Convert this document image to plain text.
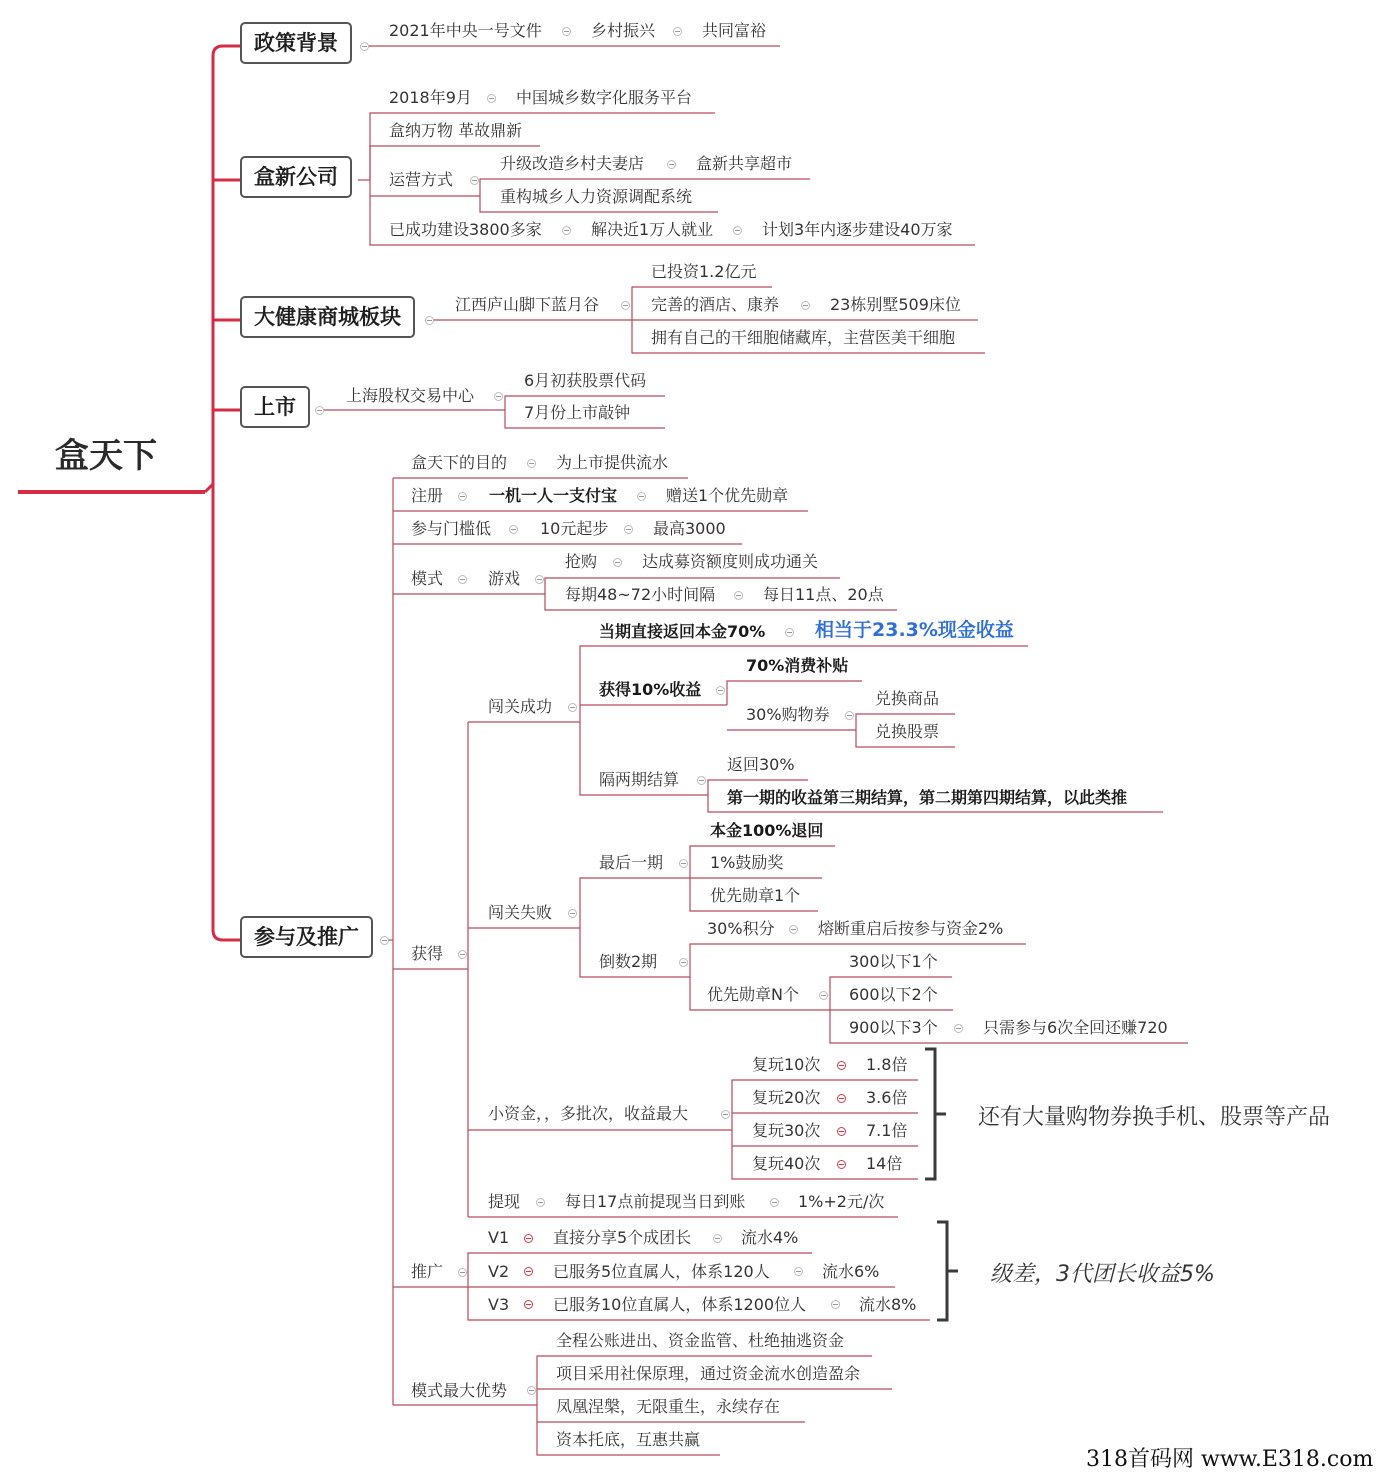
盒天下
政策背景
盒新公司
大健康商城板块
上市
参与及推广
2021年中央一号文件	乡村振兴	共同富裕
2018年9月	中国城乡数字化服务平台
盒纳万物 革故鼎新
运营方式
升级改造乡村夫妻店	盒新共享超市
重构城乡人力资源调配系统
已成功建设3800多家	解决近1万人就业	计划3年内逐步建设40万家
江西庐山脚下蓝月谷
已投资1.2亿元
完善的酒店、康养	23栋别墅509床位
拥有自己的干细胞储藏库，主营医美干细胞
上海股权交易中心
6月初获股票代码
7月份上市敲钟
盒天下的目的	为上市提供流水
注册	一机一人一支付宝	赠送1个优先勋章
参与门槛低	10元起步	最高3000
模式	游戏
抢购	达成募资额度则成功通关
每期48~72小时间隔	每日11点、20点
获得
闯关成功
当期直接返回本金70%	相当于23.3%现金收益
获得10%收益
70%消费补贴
30%购物券
兑换商品
兑换股票
隔两期结算
返回30%
第一期的收益第三期结算，第二期第四期结算，以此类推
闯关失败
最后一期
本金100%退回
1%鼓励奖
优先勋章1个
倒数2期
30%积分	熔断重启后按参与资金2%
优先勋章N个
300以下1个
600以下2个
900以下3个	只需参与6次全回还赚720
小资金，，多批次，收益最大
复玩10次	1.8倍
复玩20次	3.6倍
复玩30次	7.1倍
复玩40次	14倍
还有大量购物券换手机、股票等产品
提现	每日17点前提现当日到账	1%+2元/次
推广
V1	直接分享5个成团长	流水4%
V2	已服务5位直属人，体系120人	流水6%
V3	已服务10位直属人，体系1200位人	流水8%
级差，3代团长收益5%
模式最大优势
全程公账进出、资金监管、杜绝抽逃资金
项目采用社保原理，通过资金流水创造盈余
凤凰涅槃，无限重生，永续存在
资本托底，互惠共赢
318首码网 www.E318.com
